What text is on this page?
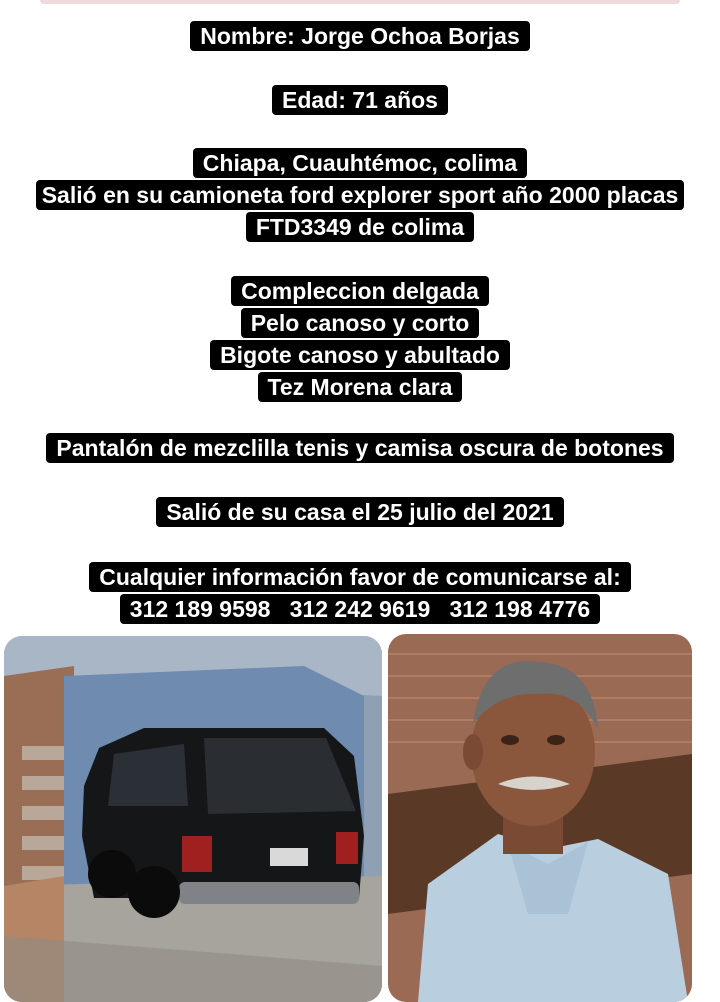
Nombre: Jorge Ochoa Borjas
Edad: 71 años
Chiapa, Cuauhtémoc, colima
Salió en su camioneta ford explorer sport año 2000 placas
FTD3349 de colima
Compleccion delgada
Pelo canoso y corto
Bigote canoso y abultado
Tez Morena clara
Pantalón de mezclilla tenis y camisa oscura de botones
Salió de su casa el 25 julio del 2021
Cualquier información favor de comunicarse al:
312 189 9598   312 242 9619   312 198 4776
